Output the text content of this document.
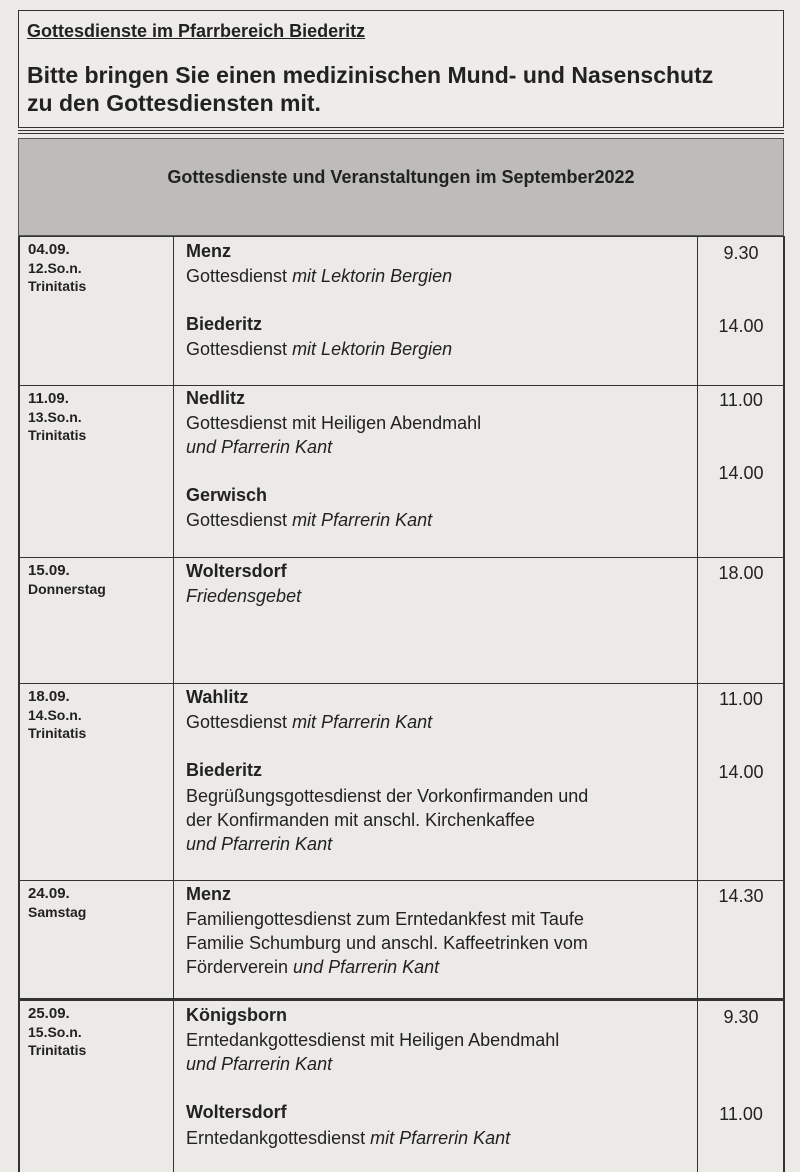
Gottesdienste im Pfarrbereich Biederitz
Bitte bringen Sie einen medizinischen Mund- und Nasenschutz
zu den Gottesdiensten mit.
Gottesdienste und Veranstaltungen im September2022
04.09.
12.So.n.
Trinitatis
Menz
Gottesdienst mit Lektorin Bergien
Biederitz
Gottesdienst mit Lektorin Bergien
9.30
14.00
11.09.
13.So.n.
Trinitatis
Nedlitz
Gottesdienst mit Heiligen Abendmahl
und Pfarrerin Kant
Gerwisch
Gottesdienst mit Pfarrerin Kant
11.00
14.00
15.09.
Donnerstag
Woltersdorf
Friedensgebet
18.00
18.09.
14.So.n.
Trinitatis
Wahlitz
Gottesdienst mit Pfarrerin Kant
Biederitz
Begrüßungsgottesdienst der Vorkonfirmanden und
der Konfirmanden mit anschl. Kirchenkaffee
und Pfarrerin Kant
11.00
14.00
24.09.
Samstag
Menz
Familiengottesdienst zum Erntedankfest mit Taufe
Familie Schumburg und anschl. Kaffeetrinken vom
Förderverein und Pfarrerin Kant
14.30
25.09.
15.So.n.
Trinitatis
Königsborn
Erntedankgottesdienst mit Heiligen Abendmahl
und Pfarrerin Kant
Woltersdorf
Erntedankgottesdienst mit Pfarrerin Kant
9.30
11.00
